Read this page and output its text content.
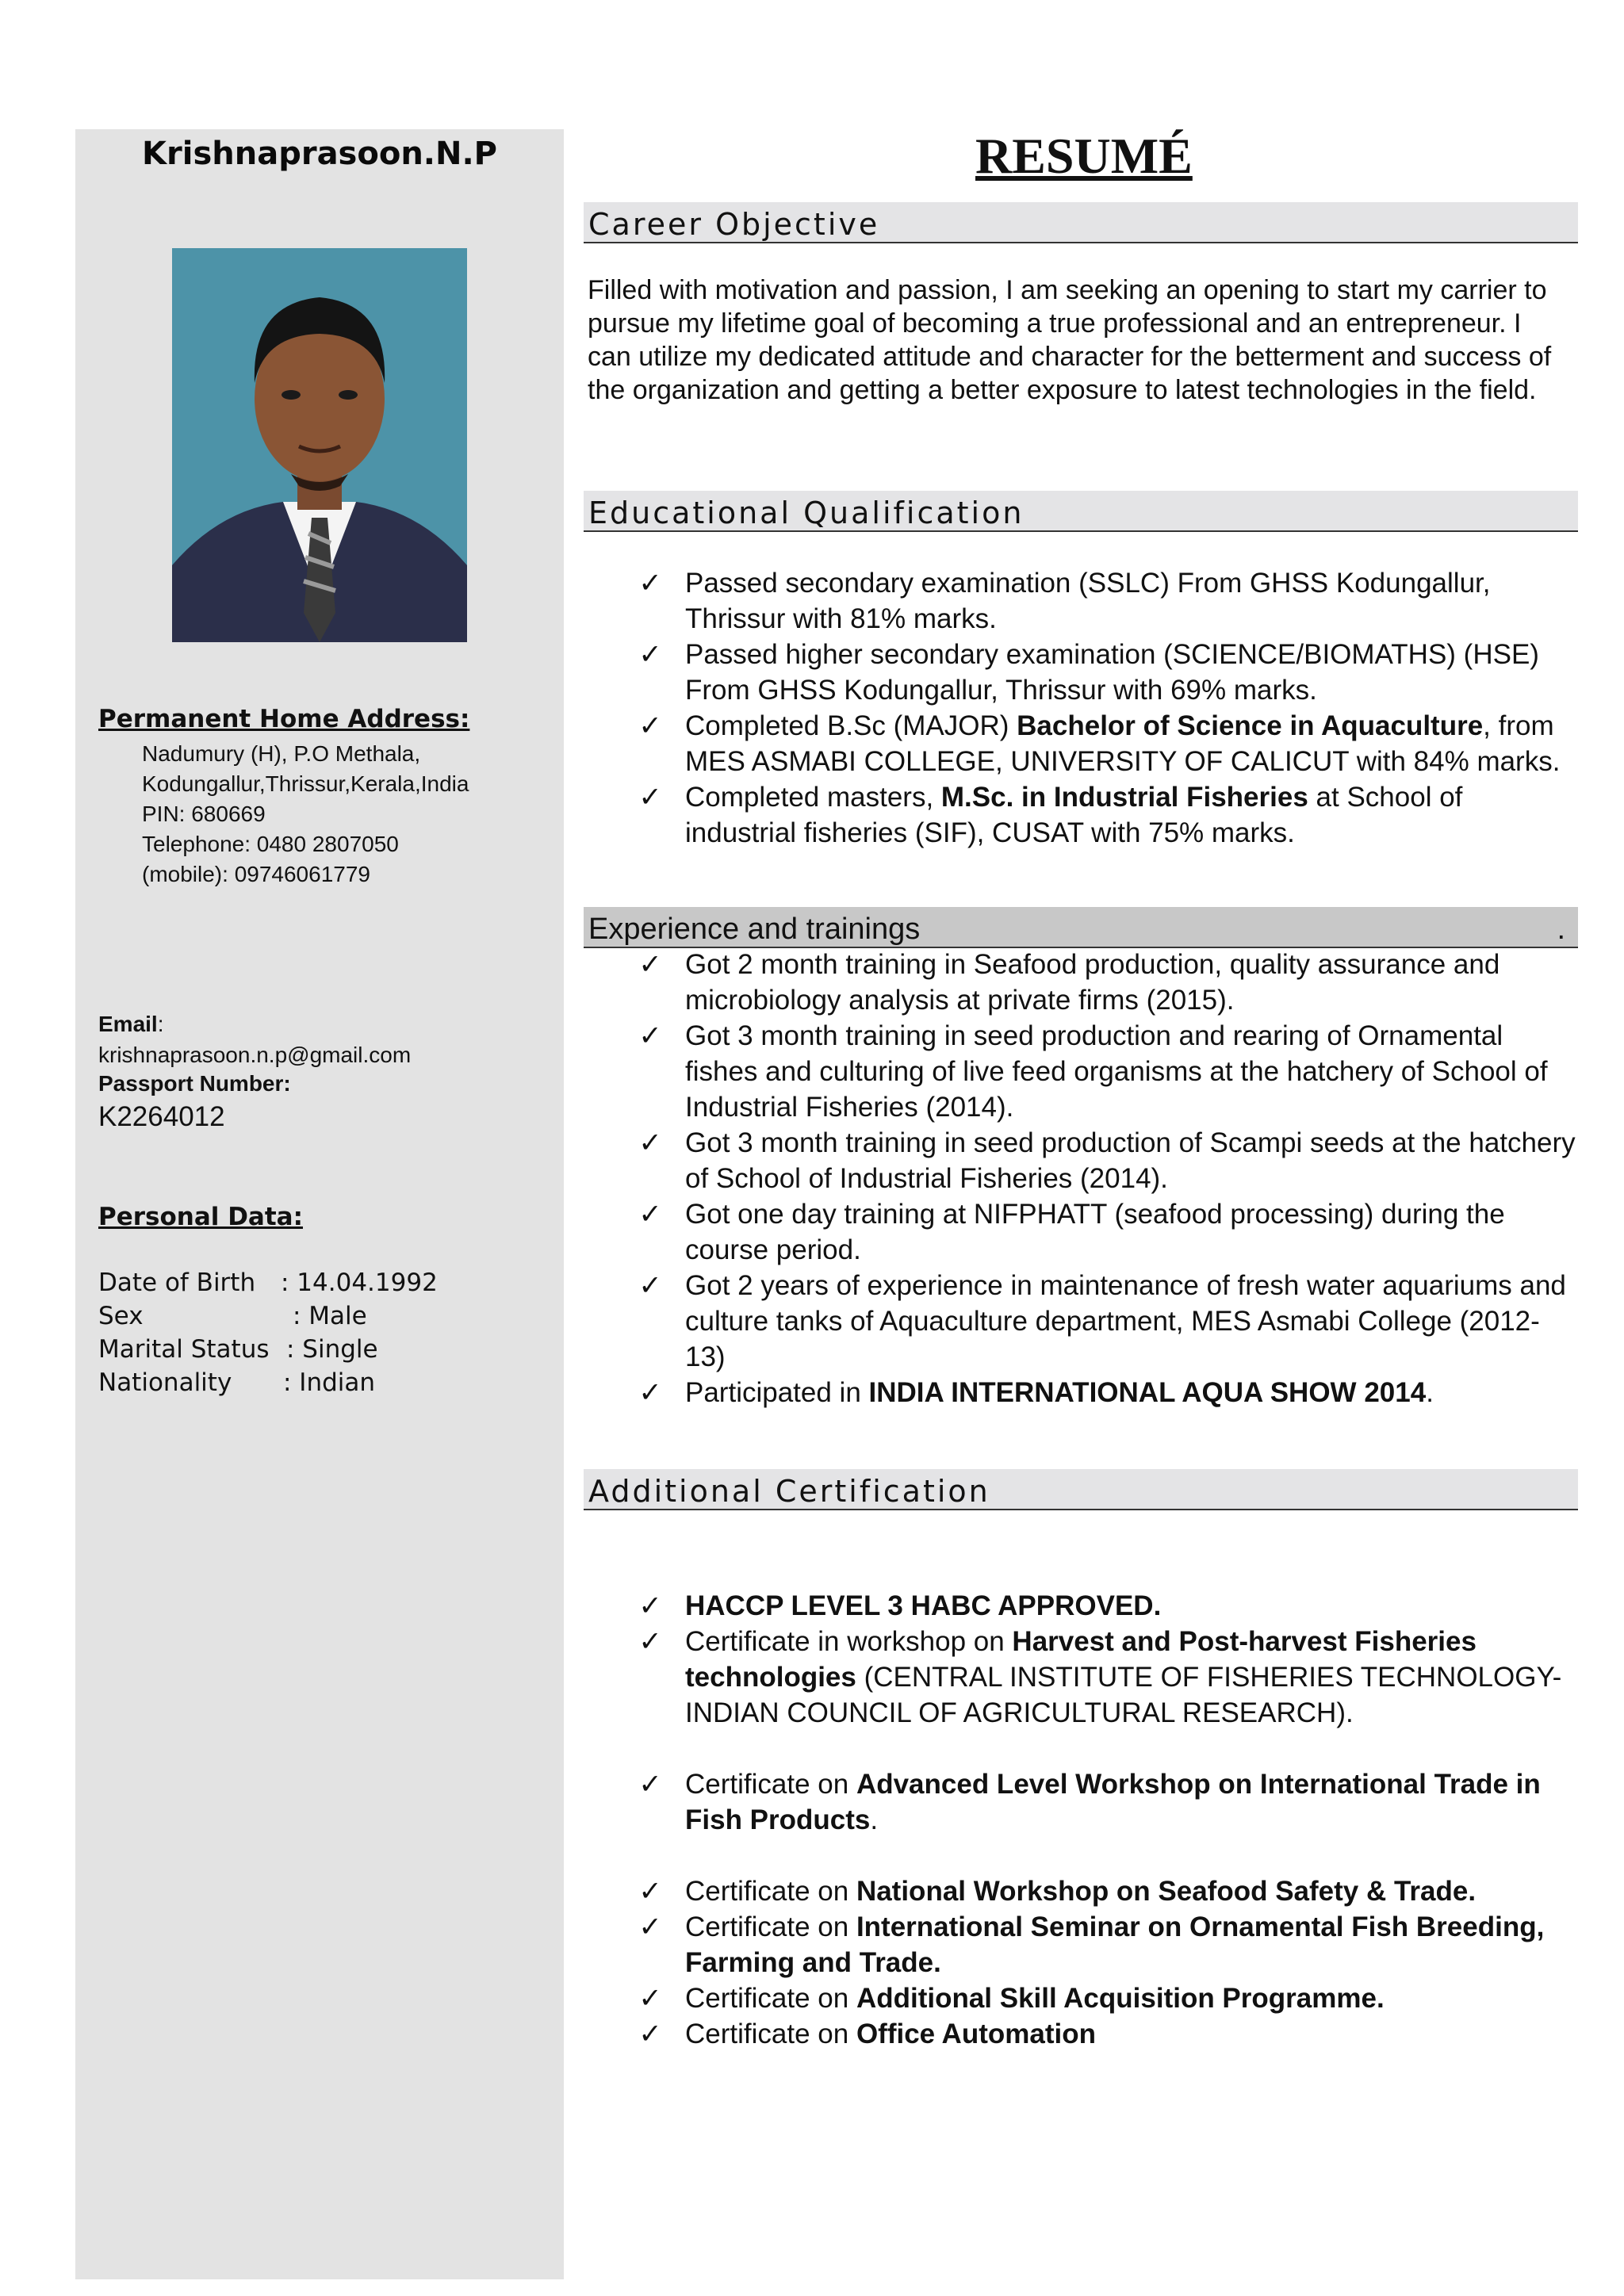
Krishnaprasoon.N.P
Permanent Home Address:
Nadumury (H), P.O Methala,
Kodungallur,Thrissur,Kerala,India
PIN: 680669
Telephone: 0480 2807050
(mobile): 09746061779
Email:
krishnaprasoon.n.p@gmail.com
Passport Number:
K2264012
Personal Data:
Date of Birth : 14.04.1992
Sex	: Male
Marital Status : Single
Nationality : Indian
RESUMÉ
Career Objective
Filled with motivation and passion, I am seeking an opening to start my carrier to pursue my lifetime goal of becoming a true professional and an entrepreneur. I can utilize my dedicated attitude and character for the betterment and success of the organization and getting a better exposure to latest technologies in the field.
Educational Qualification
✓ Passed secondary examination (SSLC) From GHSS Kodungallur, Thrissur with 81% marks.
✓ Passed higher secondary examination (SCIENCE/BIOMATHS) (HSE) From GHSS Kodungallur, Thrissur with 69% marks.
✓ Completed B.Sc (MAJOR) Bachelor of Science in Aquaculture, from MES ASMABI COLLEGE, UNIVERSITY OF CALICUT with 84% marks.
✓ Completed masters, M.Sc. in Industrial Fisheries at School of industrial fisheries (SIF), CUSAT with 75% marks.
Experience and trainings	.
✓ Got 2 month training in Seafood production, quality assurance and microbiology analysis at private firms (2015).
✓ Got 3 month training in seed production and rearing of Ornamental fishes and culturing of live feed organisms at the hatchery of School of Industrial Fisheries (2014).
✓ Got 3 month training in seed production of Scampi seeds at the hatchery of School of Industrial Fisheries (2014).
✓ Got one day training at NIFPHATT (seafood processing) during the course period.
✓ Got 2 years of experience in maintenance of fresh water aquariums and culture tanks of Aquaculture department, MES Asmabi College (2012-13)
✓ Participated in INDIA INTERNATIONAL AQUA SHOW 2014.
Additional Certification
✓ HACCP LEVEL 3 HABC APPROVED.
✓ Certificate in workshop on Harvest and Post-harvest Fisheries technologies (CENTRAL INSTITUTE OF FISHERIES TECHNOLOGY- INDIAN COUNCIL OF AGRICULTURAL RESEARCH).
✓ Certificate on Advanced Level Workshop on International Trade in Fish Products.
✓ Certificate on National Workshop on Seafood Safety & Trade.
✓ Certificate on International Seminar on Ornamental Fish Breeding, Farming and Trade.
✓ Certificate on Additional Skill Acquisition Programme.
✓ Certificate on Office Automation
